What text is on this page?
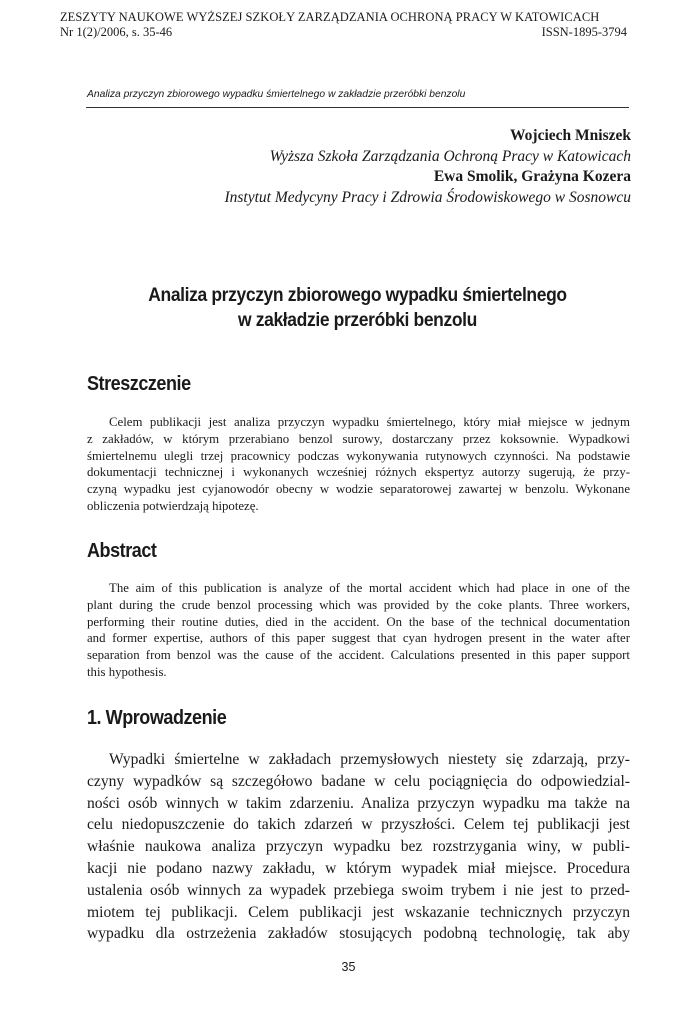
ZESZYTY NAUKOWE WYŻSZEJ SZKOŁY ZARZĄDZANIA OCHRONĄ PRACY W KATOWICACH
Nr 1(2)/2006, s. 35-46	ISSN-1895-3794
Analiza przyczyn zbiorowego wypadku śmiertelnego w zakładzie przeróbki benzolu
Wojciech Mniszek
Wyższa Szkoła Zarządzania Ochroną Pracy w Katowicach
Ewa Smolik, Grażyna Kozera
Instytut Medycyny Pracy i Zdrowia Środowiskowego w Sosnowcu
Analiza przyczyn zbiorowego wypadku śmiertelnego
w zakładzie przeróbki benzolu
Streszczenie
Celem publikacji jest analiza przyczyn wypadku śmiertelnego, który miał miejsce w jednym
z zakładów, w którym przerabiano benzol surowy, dostarczany przez koksownie. Wypadkowi
śmiertelnemu ulegli trzej pracownicy podczas wykonywania rutynowych czynności. Na podstawie
dokumentacji technicznej i wykonanych wcześniej różnych ekspertyz autorzy sugerują, że przy-
czyną wypadku jest cyjanowodór obecny w wodzie separatorowej zawartej w benzolu. Wykonane
obliczenia potwierdzają hipotezę.
Abstract
The aim of this publication is analyze of the mortal accident which had place in one of the
plant during the crude benzol processing which was provided by the coke plants. Three workers,
performing their routine duties, died in the accident. On the base of the technical documentation
and former expertise, authors of this paper suggest that cyan hydrogen present in the water after
separation from benzol was the cause of the accident. Calculations presented in this paper support
this hypothesis.
1. Wprowadzenie
Wypadki śmiertelne w zakładach przemysłowych niestety się zdarzają, przy-
czyny wypadków są szczegółowo badane w celu pociągnięcia do odpowiedzial-
ności osób winnych w takim zdarzeniu. Analiza przyczyn wypadku ma także na
celu niedopuszczenie do takich zdarzeń w przyszłości. Celem tej publikacji jest
właśnie naukowa analiza przyczyn wypadku bez rozstrzygania winy, w publi-
kacji nie podano nazwy zakładu, w którym wypadek miał miejsce. Procedura
ustalenia osób winnych za wypadek przebiega swoim trybem i nie jest to przed-
miotem tej publikacji. Celem publikacji jest wskazanie technicznych przyczyn
wypadku dla ostrzeżenia zakładów stosujących podobną technologię, tak aby
35
